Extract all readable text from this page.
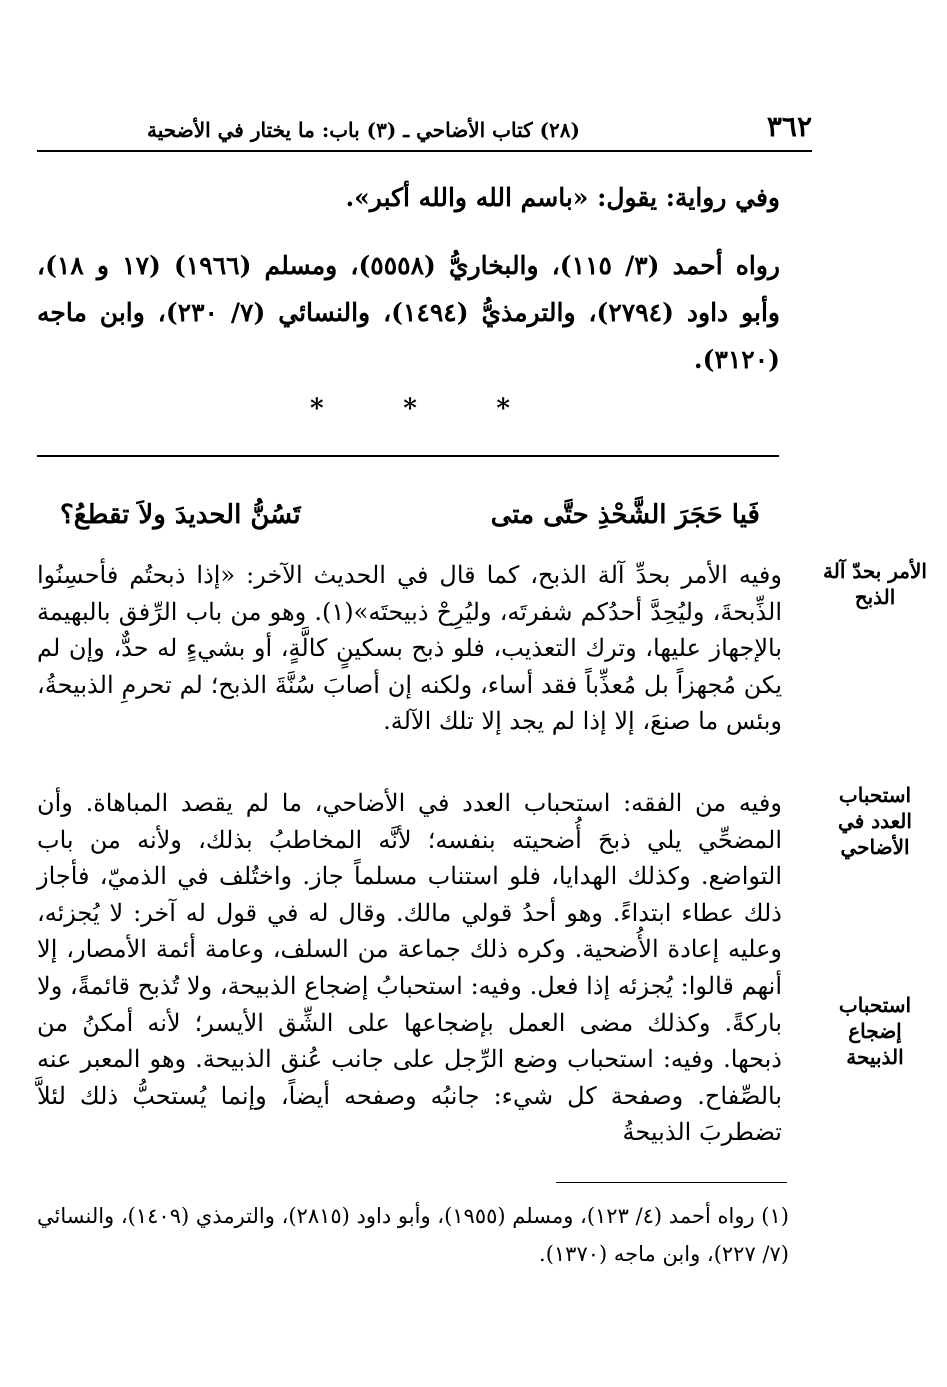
٣٦٢
(٢٨) كتاب الأضاحي ـ (٣) باب: ما يختار في الأضحية
وفي رواية: يقول: «باسم الله والله أكبر».
رواه أحمد (٣/ ١١٥)، والبخاريُّ (٥٥٥٨)، ومسلم (١٩٦٦) (١٧ و ١٨)، وأبو داود (٢٧٩٤)، والترمذيُّ (١٤٩٤)، والنسائي (٧/ ٢٣٠)، وابن ماجه (٣١٢٠).
*	*	*
فَيا حَجَرَ الشَّحْذِ حتَّى متى
تَسُنُّ الحديدَ ولاَ تقطعُ؟
وفيه الأمر بحدِّ آلة الذبح، كما قال في الحديث الآخر: «إذا ذبحتُم فأحسِنُوا الذِّبحةَ، وليُحِدَّ أحدُكم شفرتَه، وليُرِحْ ذبيحتَه»(١). وهو من باب الرِّفق بالبهيمة بالإجهاز عليها، وترك التعذيب، فلو ذبح بسكينٍ كالَّةٍ، أو بشيءٍ له حدٌّ، وإن لم يكن مُجهزاً بل مُعذِّباً فقد أساء، ولكنه إن أصابَ سُنَّةَ الذبح؛ لم تحرمِ الذبيحةُ، وبئس ما صنعَ، إلا إذا لم يجد إلا تلك الآلة.
وفيه من الفقه: استحباب العدد في الأضاحي، ما لم يقصد المباهاة. وأن المضحِّي يلي ذبحَ أُضحيته بنفسه؛ لأنَّه المخاطبُ بذلك، ولأنه من باب التواضع. وكذلك الهدايا، فلو استناب مسلماً جاز. واختُلف في الذميّ، فأجاز ذلك عطاء ابتداءً. وهو أحدُ قولي مالك. وقال له في قول له آخر: لا يُجزئه، وعليه إعادة الأُضحية. وكره ذلك جماعة من السلف، وعامة أئمة الأمصار، إلا أنهم قالوا: يُجزئه إذا فعل. وفيه: استحبابُ إضجاع الذبيحة، ولا تُذبح قائمةً، ولا باركةً. وكذلك مضى العمل بإضجاعها على الشِّق الأيسر؛ لأنه أمكنُ من ذبحها. وفيه: استحباب وضع الرِّجل على جانب عُنق الذبيحة. وهو المعبر عنه بالصِّفاح. وصفحة كل شيء: جانبُه وصفحه أيضاً، وإنما يُستحبُّ ذلك لئلاَّ تضطربَ الذبيحةُ
الأمر بحدّ آلة الذبح
استحباب العدد في الأضاحي
استحباب إضجاع الذبيحة
(١) رواه أحمد (٤/ ١٢٣)، ومسلم (١٩٥٥)، وأبو داود (٢٨١٥)، والترمذي (١٤٠٩)، والنسائي (٧/ ٢٢٧)، وابن ماجه (١٣٧٠).
